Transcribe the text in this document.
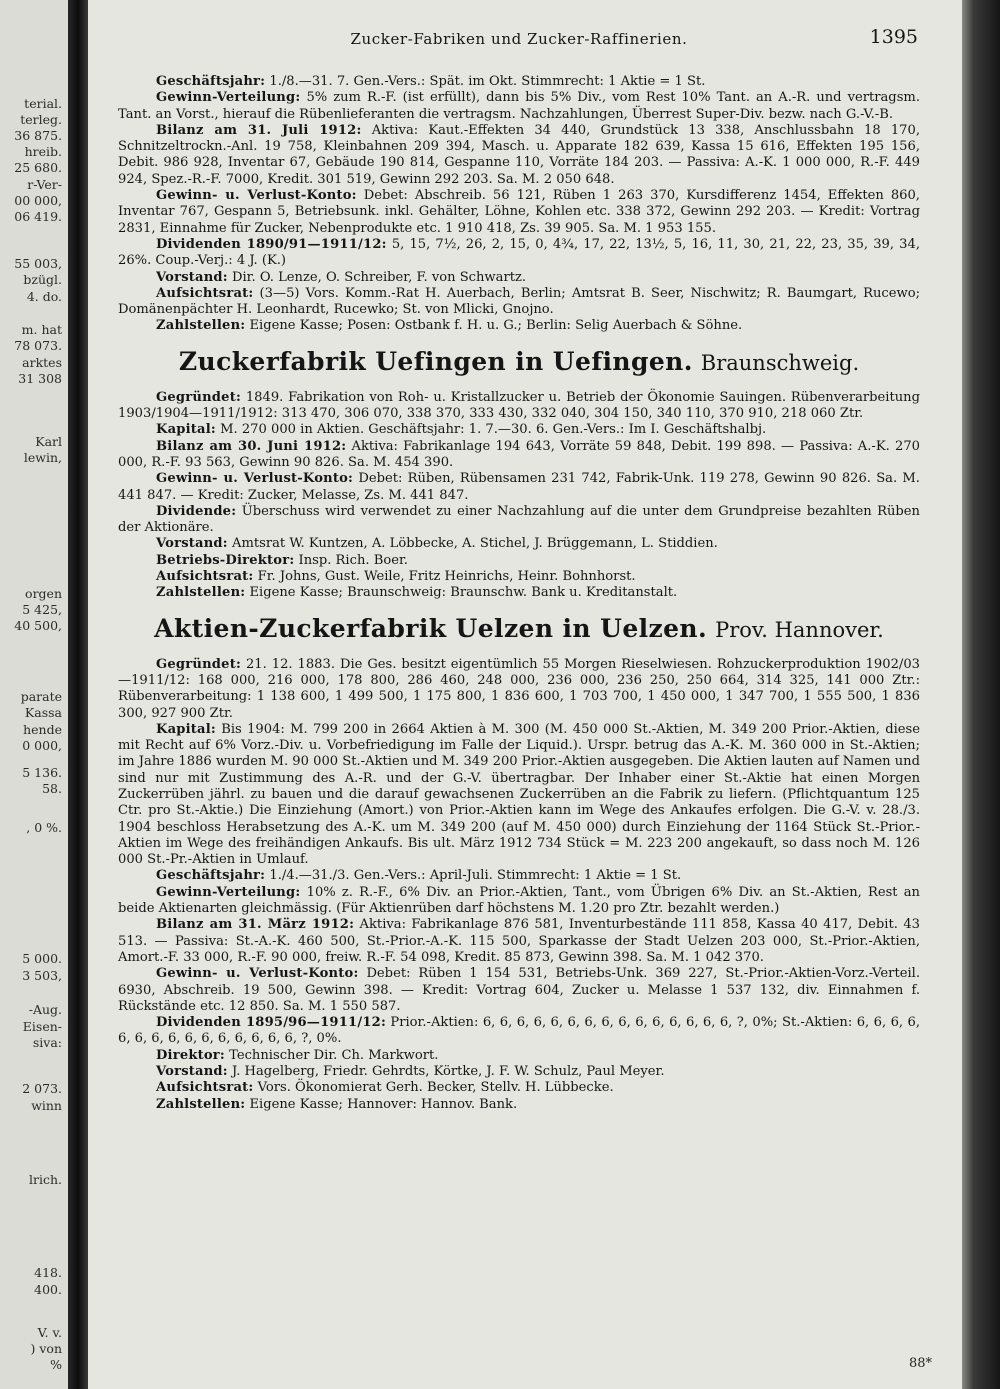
terial.
terleg.
36 875.
hreib.
25 680.
r-Ver-
00 000,
06 419.
55 003,
bzügl.
4. do.
m. hat
78 073.
arktes
31 308
Karl
lewin,
orgen
5 425,
40 500,
parate
Kassa
hende
0 000,
5 136.
58.
, 0 %.
5 000.
3 503,
-Aug.
Eisen-
siva:
2 073.
winn
lrich.
418.
400.
V. v.
) von
%
Zucker-Fabriken und Zucker-Raffinerien.	1395

Geschäftsjahr: 1./8.—31. 7. Gen.-Vers.: Spät. im Okt. Stimmrecht: 1 Aktie = 1 St.

Gewinn-Verteilung: 5% zum R.-F. (ist erfüllt), dann bis 5% Div., vom Rest 10% Tant. an A.-R. und vertragsm. Tant. an Vorst., hierauf die Rübenlieferanten die vertragsm. Nachzahlungen, Überrest Super-Div. bezw. nach G.-V.-B.

Bilanz am 31. Juli 1912: Aktiva: Kaut.-Effekten 34 440, Grundstück 13 338, Anschlussbahn 18 170, Schnitzeltrockn.-Anl. 19 758, Kleinbahnen 209 394, Masch. u. Apparate 182 639, Kassa 15 616, Effekten 195 156, Debit. 986 928, Inventar 67, Gebäude 190 814, Gespanne 110, Vorräte 184 203. — Passiva: A.-K. 1 000 000, R.-F. 449 924, Spez.-R.-F. 7000, Kredit. 301 519, Gewinn 292 203. Sa. M. 2 050 648.

Gewinn- u. Verlust-Konto: Debet: Abschreib. 56 121, Rüben 1 263 370, Kursdifferenz 1454, Effekten 860, Inventar 767, Gespann 5, Betriebsunk. inkl. Gehälter, Löhne, Kohlen etc. 338 372, Gewinn 292 203. — Kredit: Vortrag 2831, Einnahme für Zucker, Nebenprodukte etc. 1 910 418, Zs. 39 905. Sa. M. 1 953 155.

Dividenden 1890/91—1911/12: 5, 15, 7½, 26, 2, 15, 0, 4¾, 17, 22, 13½, 5, 16, 11, 30, 21, 22, 23, 35, 39, 34, 26%. Coup.-Verj.: 4 J. (K.)

Vorstand: Dir. O. Lenze, O. Schreiber, F. von Schwartz.

Aufsichtsrat: (3—5) Vors. Komm.-Rat H. Auerbach, Berlin; Amtsrat B. Seer, Nischwitz; R. Baumgart, Rucewo; Domänenpächter H. Leonhardt, Rucewko; St. von Mlicki, Gnojno.

Zahlstellen: Eigene Kasse; Posen: Ostbank f. H. u. G.; Berlin: Selig Auerbach & Söhne.

Zuckerfabrik Uefingen in Uefingen. Braunschweig.

Gegründet: 1849. Fabrikation von Roh- u. Kristallzucker u. Betrieb der Ökonomie Sauingen. Rübenverarbeitung 1903/1904—1911/1912: 313 470, 306 070, 338 370, 333 430, 332 040, 304 150, 340 110, 370 910, 218 060 Ztr.

Kapital: M. 270 000 in Aktien. Geschäftsjahr: 1. 7.—30. 6. Gen.-Vers.: Im I. Geschäftshalbj.

Bilanz am 30. Juni 1912: Aktiva: Fabrikanlage 194 643, Vorräte 59 848, Debit. 199 898. — Passiva: A.-K. 270 000, R.-F. 93 563, Gewinn 90 826. Sa. M. 454 390.

Gewinn- u. Verlust-Konto: Debet: Rüben, Rübensamen 231 742, Fabrik-Unk. 119 278, Gewinn 90 826. Sa. M. 441 847. — Kredit: Zucker, Melasse, Zs. M. 441 847.

Dividende: Überschuss wird verwendet zu einer Nachzahlung auf die unter dem Grundpreise bezahlten Rüben der Aktionäre.

Vorstand: Amtsrat W. Kuntzen, A. Löbbecke, A. Stichel, J. Brüggemann, L. Stiddien.

Betriebs-Direktor: Insp. Rich. Boer.

Aufsichtsrat: Fr. Johns, Gust. Weile, Fritz Heinrichs, Heinr. Bohnhorst.

Zahlstellen: Eigene Kasse; Braunschweig: Braunschw. Bank u. Kreditanstalt.

Aktien-Zuckerfabrik Uelzen in Uelzen. Prov. Hannover.

Gegründet: 21. 12. 1883. Die Ges. besitzt eigentümlich 55 Morgen Rieselwiesen. Rohzuckerproduktion 1902/03—1911/12: 168 000, 216 000, 178 800, 286 460, 248 000, 236 000, 236 250, 250 664, 314 325, 141 000 Ztr.: Rübenverarbeitung: 1 138 600, 1 499 500, 1 175 800, 1 836 600, 1 703 700, 1 450 000, 1 347 700, 1 555 500, 1 836 300, 927 900 Ztr.

Kapital: Bis 1904: M. 799 200 in 2664 Aktien à M. 300 (M. 450 000 St.-Aktien, M. 349 200 Prior.-Aktien, diese mit Recht auf 6% Vorz.-Div. u. Vorbefriedigung im Falle der Liquid.). Urspr. betrug das A.-K. M. 360 000 in St.-Aktien; im Jahre 1886 wurden M. 90 000 St.-Aktien und M. 349 200 Prior.-Aktien ausgegeben. Die Aktien lauten auf Namen und sind nur mit Zustimmung des A.-R. und der G.-V. übertragbar. Der Inhaber einer St.-Aktie hat einen Morgen Zuckerrüben jährl. zu bauen und die darauf gewachsenen Zuckerrüben an die Fabrik zu liefern. (Pflichtquantum 125 Ctr. pro St.-Aktie.) Die Einziehung (Amort.) von Prior.-Aktien kann im Wege des Ankaufes erfolgen. Die G.-V. v. 28./3. 1904 beschloss Herabsetzung des A.-K. um M. 349 200 (auf M. 450 000) durch Einziehung der 1164 Stück St.-Prior.-Aktien im Wege des freihändigen Ankaufs. Bis ult. März 1912 734 Stück = M. 223 200 angekauft, so dass noch M. 126 000 St.-Pr.-Aktien in Umlauf.

Geschäftsjahr: 1./4.—31./3. Gen.-Vers.: April-Juli. Stimmrecht: 1 Aktie = 1 St.

Gewinn-Verteilung: 10% z. R.-F., 6% Div. an Prior.-Aktien, Tant., vom Übrigen 6% Div. an St.-Aktien, Rest an beide Aktienarten gleichmässig. (Für Aktienrüben darf höchstens M. 1.20 pro Ztr. bezahlt werden.)

Bilanz am 31. März 1912: Aktiva: Fabrikanlage 876 581, Inventurbestände 111 858, Kassa 40 417, Debit. 43 513. — Passiva: St.-A.-K. 460 500, St.-Prior.-A.-K. 115 500, Sparkasse der Stadt Uelzen 203 000, St.-Prior.-Aktien, Amort.-F. 33 000, R.-F. 90 000, freiw. R.-F. 54 098, Kredit. 85 873, Gewinn 398. Sa. M. 1 042 370.

Gewinn- u. Verlust-Konto: Debet: Rüben 1 154 531, Betriebs-Unk. 369 227, St.-Prior.-Aktien-Vorz.-Verteil. 6930, Abschreib. 19 500, Gewinn 398. — Kredit: Vortrag 604, Zucker u. Melasse 1 537 132, div. Einnahmen f. Rückstände etc. 12 850. Sa. M. 1 550 587.

Dividenden 1895/96—1911/12: Prior.-Aktien: 6, 6, 6, 6, 6, 6, 6, 6, 6, 6, 6, 6, 6, 6, 6, ?, 0%; St.-Aktien: 6, 6, 6, 6, 6, 6, 6, 6, 6, 6, 6, 6, 6, 6, 6, ?, 0%.

Direktor: Technischer Dir. Ch. Markwort.

Vorstand: J. Hagelberg, Friedr. Gehrdts, Körtke, J. F. W. Schulz, Paul Meyer.

Aufsichtsrat: Vors. Ökonomierat Gerh. Becker, Stellv. H. Lübbecke.

Zahlstellen: Eigene Kasse; Hannover: Hannov. Bank.

88*
